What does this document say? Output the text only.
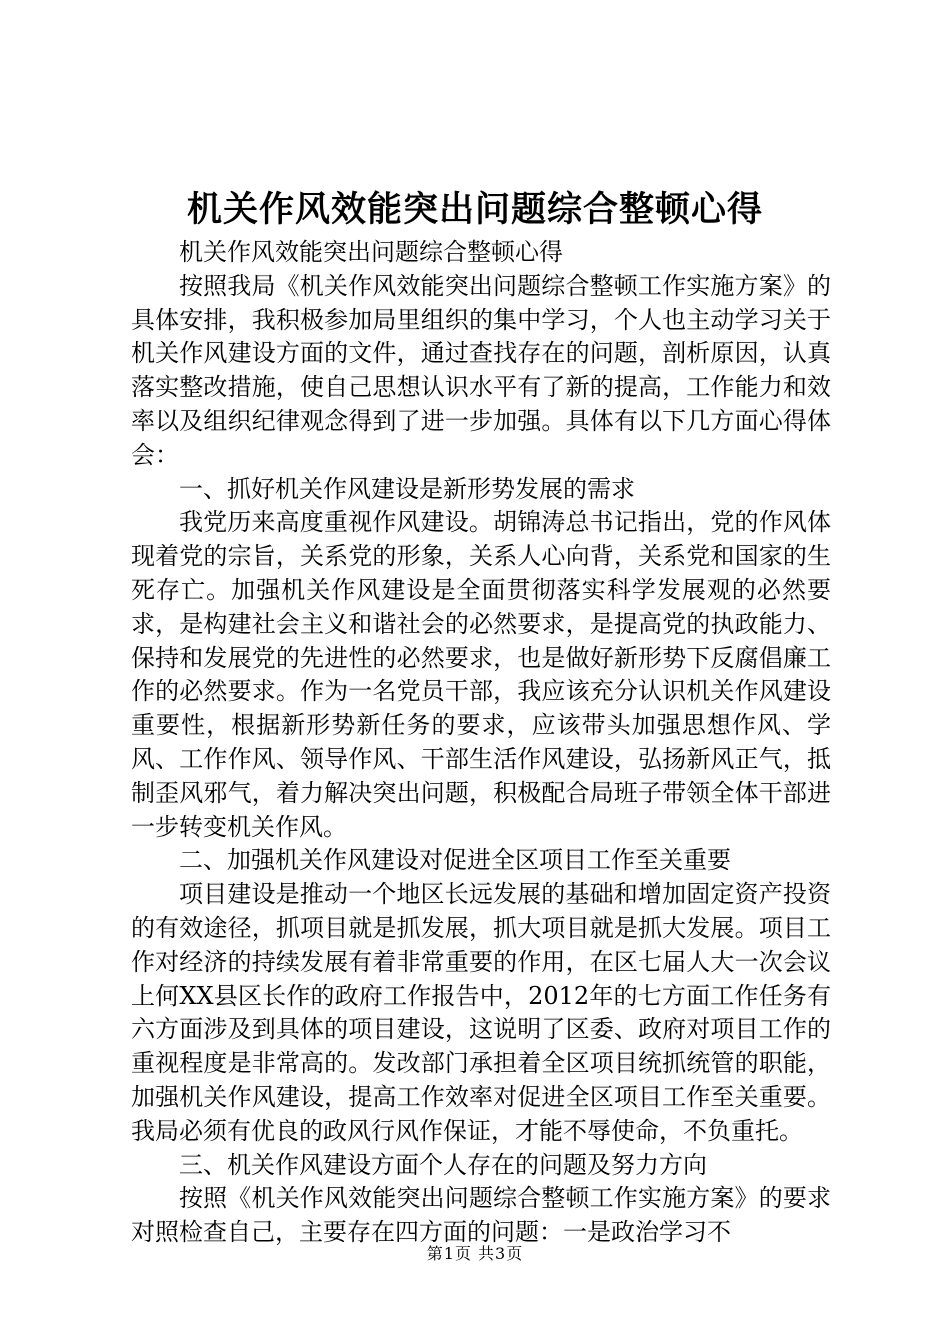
机关作风效能突出问题综合整顿心得

机关作风效能突出问题综合整顿心得

按照我局《机关作风效能突出问题综合整顿工作实施方案》的具体安排，我积极参加局里组织的集中学习，个人也主动学习关于机关作风建设方面的文件，通过查找存在的问题，剖析原因，认真落实整改措施，使自己思想认识水平有了新的提高，工作能力和效率以及组织纪律观念得到了进一步加强。具体有以下几方面心得体会：

一、抓好机关作风建设是新形势发展的需求

我党历来高度重视作风建设。胡锦涛总书记指出，党的作风体现着党的宗旨，关系党的形象，关系人心向背，关系党和国家的生死存亡。加强机关作风建设是全面贯彻落实科学发展观的必然要求，是构建社会主义和谐社会的必然要求，是提高党的执政能力、保持和发展党的先进性的必然要求，也是做好新形势下反腐倡廉工作的必然要求。作为一名党员干部，我应该充分认识机关作风建设重要性，根据新形势新任务的要求，应该带头加强思想作风、学风、工作作风、领导作风、干部生活作风建设，弘扬新风正气，抵制歪风邪气，着力解决突出问题，积极配合局班子带领全体干部进一步转变机关作风。

二、加强机关作风建设对促进全区项目工作至关重要

项目建设是推动一个地区长远发展的基础和增加固定资产投资的有效途径，抓项目就是抓发展，抓大项目就是抓大发展。项目工作对经济的持续发展有着非常重要的作用，在区七届人大一次会议上何XX县区长作的政府工作报告中，2012年的七方面工作任务有六方面涉及到具体的项目建设，这说明了区委、政府对项目工作的重视程度是非常高的。发改部门承担着全区项目统抓统管的职能，加强机关作风建设，提高工作效率对促进全区项目工作至关重要。我局必须有优良的政风行风作保证，才能不辱使命，不负重托。

三、机关作风建设方面个人存在的问题及努力方向

按照《机关作风效能突出问题综合整顿工作实施方案》的要求对照检查自己，主要存在四方面的问题：一是政治学习不

第1页 共3页
